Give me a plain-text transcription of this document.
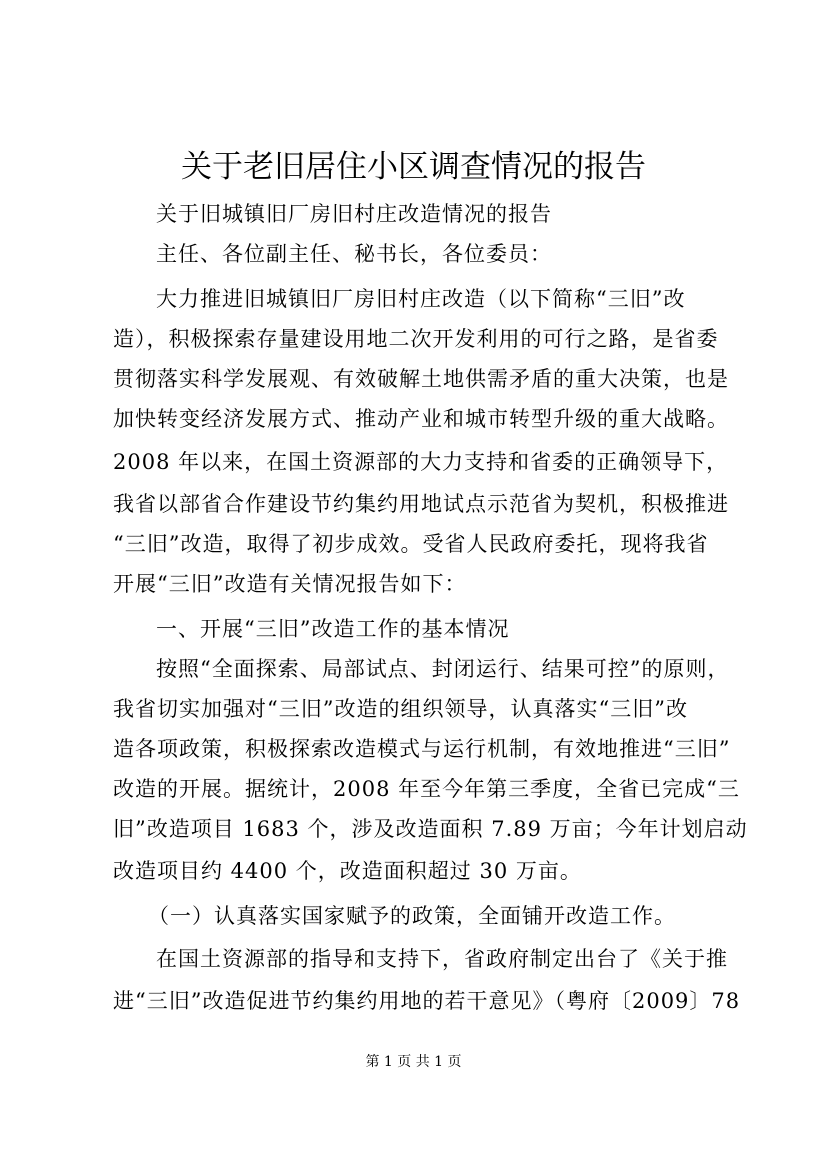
关于老旧居住小区调查情况的报告
关于旧城镇旧厂房旧村庄改造情况的报告
主任、各位副主任、秘书长，各位委员：
大力推进旧城镇旧厂房旧村庄改造（以下简称“三旧”改
造），积极探索存量建设用地二次开发利用的可行之路，是省委
贯彻落实科学发展观、有效破解土地供需矛盾的重大决策，也是
加快转变经济发展方式、推动产业和城市转型升级的重大战略。
2008 年以来，在国土资源部的大力支持和省委的正确领导下，
我省以部省合作建设节约集约用地试点示范省为契机，积极推进
“三旧”改造，取得了初步成效。受省人民政府委托，现将我省
开展“三旧”改造有关情况报告如下：
一、开展“三旧”改造工作的基本情况
按照“全面探索、局部试点、封闭运行、结果可控”的原则，
我省切实加强对“三旧”改造的组织领导，认真落实“三旧”改
造各项政策，积极探索改造模式与运行机制，有效地推进“三旧”
改造的开展。据统计，2008 年至今年第三季度，全省已完成“三
旧”改造项目 1683 个，涉及改造面积 7.89 万亩；今年计划启动
改造项目约 4400 个，改造面积超过 30 万亩。
（一）认真落实国家赋予的政策，全面铺开改造工作。
在国土资源部的指导和支持下，省政府制定出台了《关于推
进“三旧”改造促进节约集约用地的若干意见》（粤府〔2009〕78
第 1 页 共 1 页
